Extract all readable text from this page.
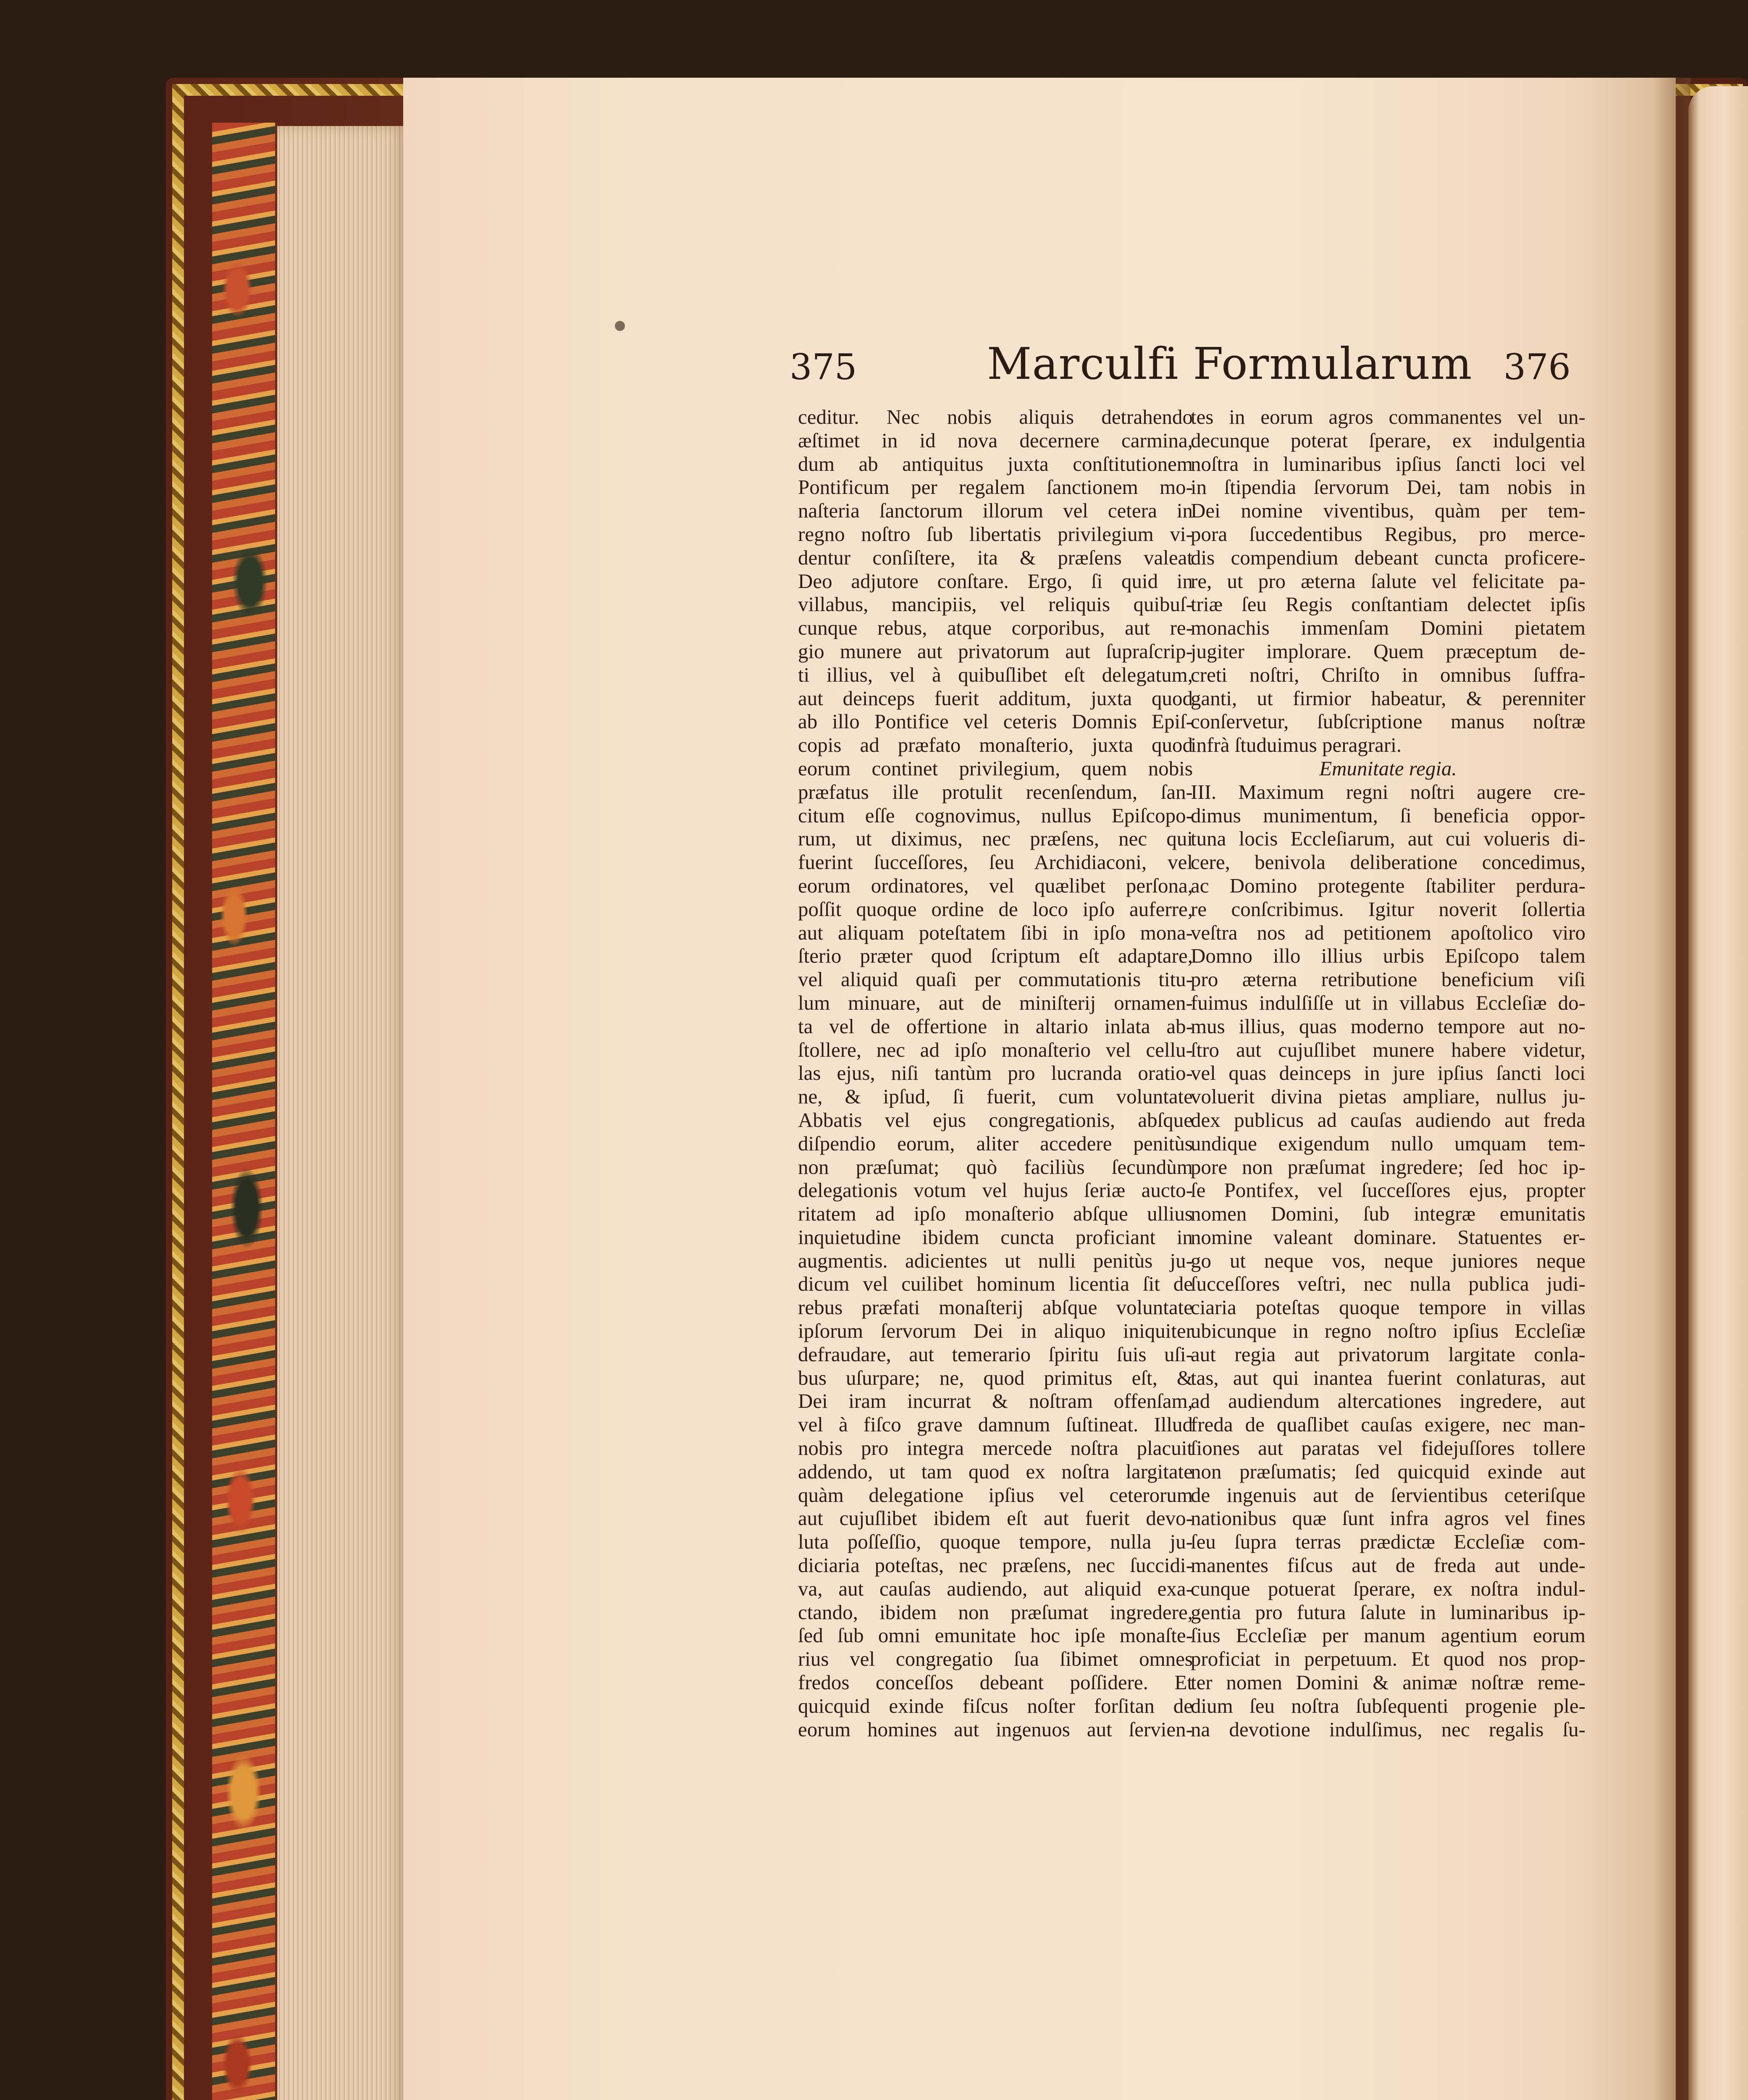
375	Marculfi Formularum 376
ceditur. Nec nobis aliquis detrahendo
æſtimet in id nova decernere carmina,
dum ab antiquitus juxta conſtitutionem
Pontificum per regalem ſanctionem mo-
naſteria ſanctorum illorum vel cetera in
regno noſtro ſub libertatis privilegium vi-
dentur conſiſtere, ita & præſens valeat
Deo adjutore conſtare. Ergo, ſi quid in
villabus, mancipiis, vel reliquis quibuſ-
cunque rebus, atque corporibus, aut re-
gio munere aut privatorum aut ſupraſcrip-
ti illius, vel à quibuſlibet eſt delegatum,
aut deinceps fuerit additum, juxta quod
ab illo Pontifice vel ceteris Domnis Epiſ-
copis ad præfato monaſterio, juxta quod
eorum continet privilegium, quem nobis
præfatus ille protulit recenſendum, ſan-
citum eſſe cognovimus, nullus Epiſcopo-
rum, ut diximus, nec præſens, nec qui
fuerint ſucceſſores, ſeu Archidiaconi, vel
eorum ordinatores, vel quælibet perſona,
poſſit quoque ordine de loco ipſo auferre,
aut aliquam poteſtatem ſibi in ipſo mona-
ſterio præter quod ſcriptum eſt adaptare,
vel aliquid quaſi per commutationis titu-
lum minuare, aut de miniſterij ornamen-
ta vel de offertione in altario inlata ab-
ſtollere, nec ad ipſo monaſterio vel cellu-
las ejus, niſi tantùm pro lucranda oratio-
ne, & ipſud, ſi fuerit, cum voluntate
Abbatis vel ejus congregationis, abſque
diſpendio eorum, aliter accedere penitùs
non præſumat; quò faciliùs ſecundùm
delegationis votum vel hujus ſeriæ aucto-
ritatem ad ipſo monaſterio abſque ullius
inquietudine ibidem cuncta proficiant in
augmentis. adicientes ut nulli penitùs ju-
dicum vel cuilibet hominum licentia ſit de
rebus præfati monaſterij abſque voluntate
ipſorum ſervorum Dei in aliquo iniquiter
defraudare, aut temerario ſpiritu ſuis uſi-
bus uſurpare; ne, quod primitus eſt, &
Dei iram incurrat & noſtram offenſam,
vel à fiſco grave damnum ſuſtineat. Illud
nobis pro integra mercede noſtra placuit
addendo, ut tam quod ex noſtra largitate
quàm delegatione ipſius vel ceterorum
aut cujuſlibet ibidem eſt aut fuerit devo-
luta poſſeſſio, quoque tempore, nulla ju-
diciaria poteſtas, nec præſens, nec ſuccidi-
va, aut cauſas audiendo, aut aliquid exa-
ctando, ibidem non præſumat ingredere,
ſed ſub omni emunitate hoc ipſe monaſte-
rius vel congregatio ſua ſibimet omnes
fredos conceſſos debeant poſſidere. Et
quicquid exinde fiſcus noſter forſitan de
eorum homines aut ingenuos aut ſervien-
tes in eorum agros commanentes vel un-
decunque poterat ſperare, ex indulgentia
noſtra in luminaribus ipſius ſancti loci vel
in ſtipendia ſervorum Dei, tam nobis in
Dei nomine viventibus, quàm per tem-
pora ſuccedentibus Regibus, pro merce-
dis compendium debeant cuncta proficere-
re, ut pro æterna ſalute vel felicitate pa-
triæ ſeu Regis conſtantiam delectet ipſis
monachis immenſam Domini pietatem
jugiter implorare. Quem præceptum de-
creti noſtri, Chriſto in omnibus ſuffra-
ganti, ut firmior habeatur, & perenniter
conſervetur, ſubſcriptione manus noſtræ
infrà ſtuduimus peragrari.
Emunitate regia.
III. Maximum regni noſtri augere cre-
dimus munimentum, ſi beneficia oppor-
tuna locis Eccleſiarum, aut cui volueris di-
cere, benivola deliberatione concedimus,
ac Domino protegente ſtabiliter perdura-
re conſcribimus. Igitur noverit ſollertia
veſtra nos ad petitionem apoſtolico viro
Domno illo illius urbis Epiſcopo talem
pro æterna retributione beneficium viſi
fuimus indulſiſſe ut in villabus Eccleſiæ do-
mus illius, quas moderno tempore aut no-
ſtro aut cujuſlibet munere habere videtur,
vel quas deinceps in jure ipſius ſancti loci
voluerit divina pietas ampliare, nullus ju-
dex publicus ad cauſas audiendo aut freda
undique exigendum nullo umquam tem-
pore non præſumat ingredere; ſed hoc ip-
ſe Pontifex, vel ſucceſſores ejus, propter
nomen Domini, ſub integræ emunitatis
nomine valeant dominare. Statuentes er-
go ut neque vos, neque juniores neque
ſucceſſores veſtri, nec nulla publica judi-
ciaria poteſtas quoque tempore in villas
ubicunque in regno noſtro ipſius Eccleſiæ
aut regia aut privatorum largitate conla-
tas, aut qui inantea fuerint conlaturas, aut
ad audiendum altercationes ingredere, aut
freda de quaſlibet cauſas exigere, nec man-
ſiones aut paratas vel fidejuſſores tollere
non præſumatis; ſed quicquid exinde aut
de ingenuis aut de ſervientibus ceteriſque
nationibus quæ ſunt infra agros vel fines
ſeu ſupra terras prædictæ Eccleſiæ com-
manentes fiſcus aut de freda aut unde-
cunque potuerat ſperare, ex noſtra indul-
gentia pro futura ſalute in luminaribus ip-
ſius Eccleſiæ per manum agentium eorum
proficiat in perpetuum. Et quod nos prop-
ter nomen Domini & animæ noſtræ reme-
dium ſeu noſtra ſubſequenti progenie ple-
na devotione indulſimus, nec regalis ſu-
